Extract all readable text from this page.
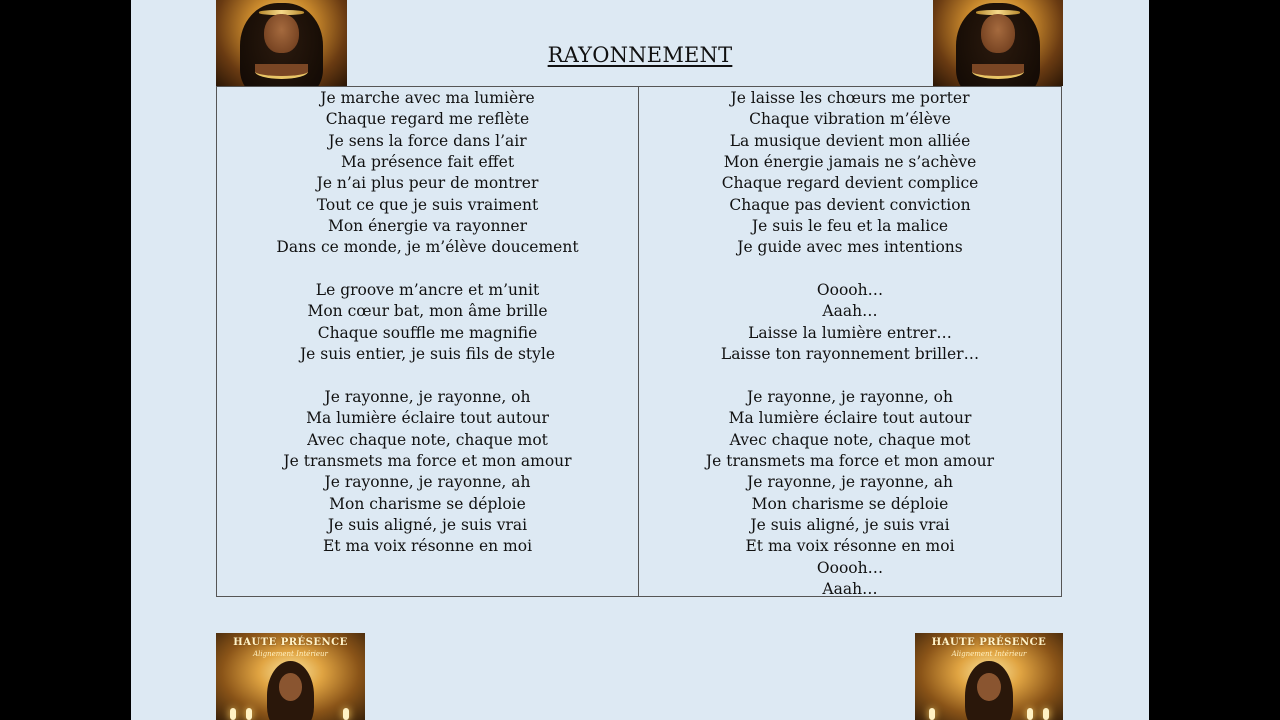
RAYONNEMENT
Je marche avec ma lumière
Chaque regard me reflète
Je sens la force dans l’air
Ma présence fait effet
Je n’ai plus peur de montrer
Tout ce que je suis vraiment
Mon énergie va rayonner
Dans ce monde, je m’élève doucement
Le groove m’ancre et m’unit
Mon cœur bat, mon âme brille
Chaque souffle me magnifie
Je suis entier, je suis fils de style
Je rayonne, je rayonne, oh
Ma lumière éclaire tout autour
Avec chaque note, chaque mot
Je transmets ma force et mon amour
Je rayonne, je rayonne, ah
Mon charisme se déploie
Je suis aligné, je suis vrai
Et ma voix résonne en moi
Je laisse les chœurs me porter
Chaque vibration m’élève
La musique devient mon alliée
Mon énergie jamais ne s’achève
Chaque regard devient complice
Chaque pas devient conviction
Je suis le feu et la malice
Je guide avec mes intentions
Ooooh…
Aaah…
Laisse la lumière entrer…
Laisse ton rayonnement briller…
Je rayonne, je rayonne, oh
Ma lumière éclaire tout autour
Avec chaque note, chaque mot
Je transmets ma force et mon amour
Je rayonne, je rayonne, ah
Mon charisme se déploie
Je suis aligné, je suis vrai
Et ma voix résonne en moi
Ooooh…
Aaah…
HAUTE PRÉSENCE
Alignement Intérieur
HAUTE PRÉSENCE
Alignement Intérieur
